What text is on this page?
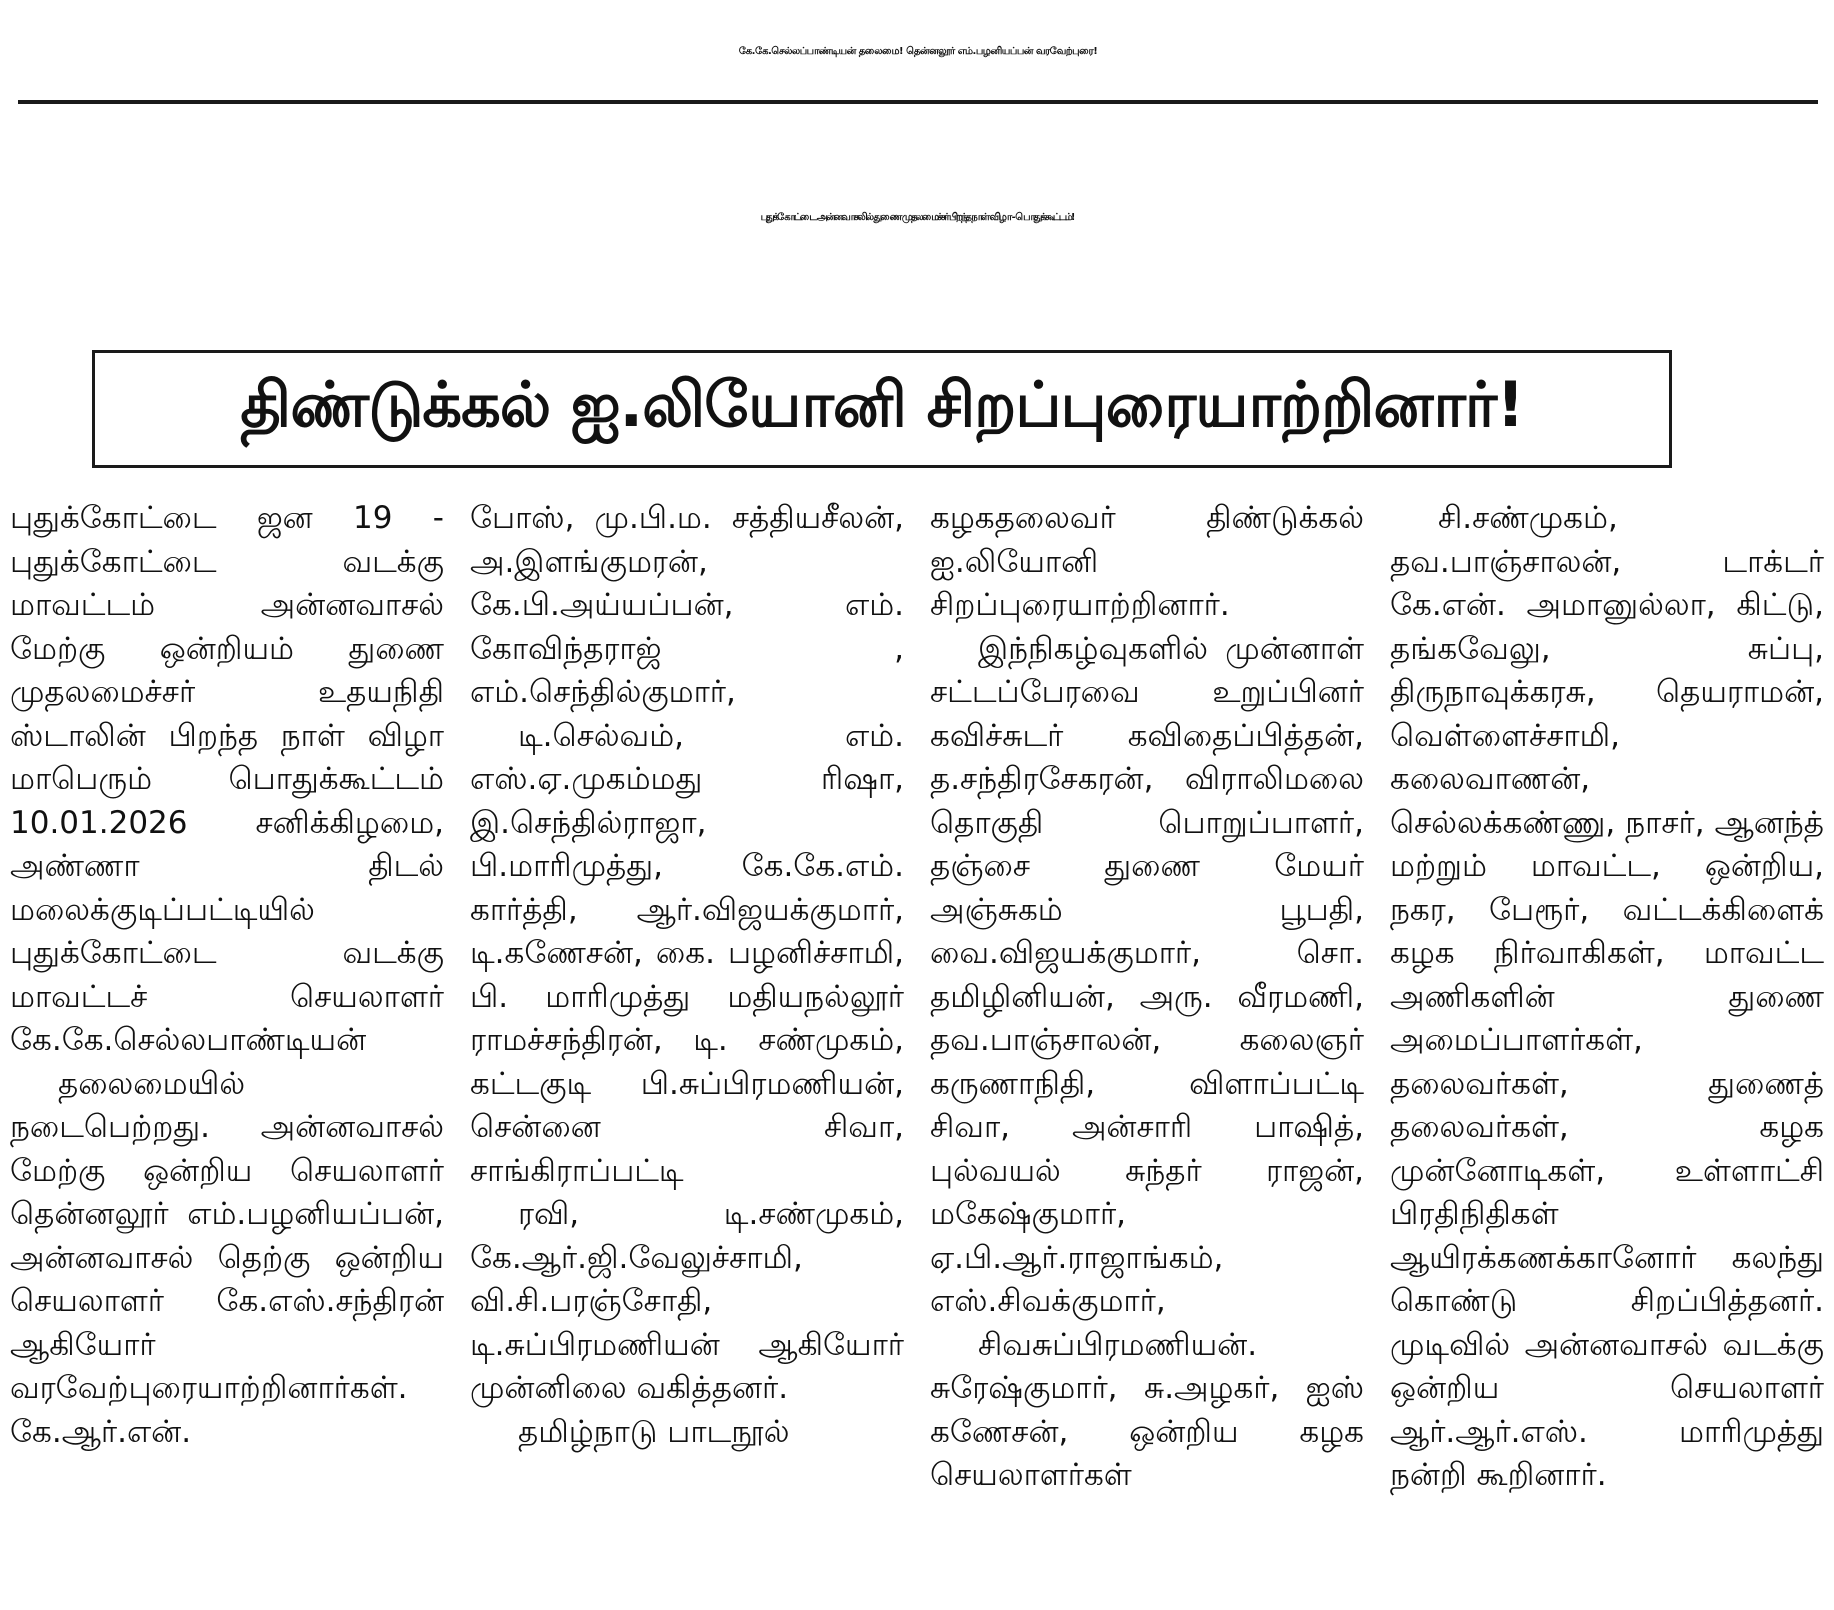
கே.கே.செல்லப்பாண்டியன் தலைமை! தென்னலூர் எம்.பழனியப்பன் வரவேற்புரை!
புதுக்கோட்டை அன்னவாசலில் துணை முதலமைச்சர் பிறந்த நாள் விழா - பொதுக்கூட்டம்!
திண்டுக்கல் ஐ.லியோனி சிறப்புரையாற்றினார்!

புதுக்கோட்டை ஜன 19 - புதுக்கோட்டை வடக்கு மாவட்டம் அன்னவாசல் மேற்கு ஒன்றியம் துணை முதலமைச்சர் உதயநிதி ஸ்டாலின் பிறந்த நாள் விழா மாபெரும் பொதுக்கூட்டம் 10.01.2026 சனிக்கிழமை, அண்ணா திடல் மலைக்குடிப்பட்டியில் புதுக்கோட்டை வடக்கு மாவட்டச் செயலாளர் கே.கே.செல்லபாண்டியன்

தலைமையில் நடைபெற்றது. அன்னவாசல் மேற்கு ஒன்றிய செயலாளர் தென்னலூர் எம்.பழனியப்பன், அன்னவாசல் தெற்கு ஒன்றிய செயலாளர் கே.எஸ்.சந்திரன் ஆகியோர் வரவேற்புரையாற்றினார்கள். கே.ஆர்.என்.

போஸ், மு.பி.ம. சத்தியசீலன், அ.இளங்குமரன், கே.பி.அய்யப்பன், எம். கோவிந்தராஜ் , எம்.செந்தில்குமார்,

டி.செல்வம், எம். எஸ்.ஏ.முகம்மது ரிஷா, இ.செந்தில்ராஜா, பி.மாரிமுத்து, கே.கே.எம். கார்த்தி, ஆர்.விஜயக்குமார், டி.கணேசன், கை. பழனிச்சாமி, பி. மாரிமுத்து மதியநல்லூர் ராமச்சந்திரன், டி. சண்முகம், கட்டகுடி பி.சுப்பிரமணியன், சென்னை சிவா, சாங்கிராப்பட்டி

ரவி, டி.சண்முகம், கே.ஆர்.ஜி.வேலுச்சாமி, வி.சி.பரஞ்சோதி, டி.சுப்பிரமணியன் ஆகியோர் முன்னிலை வகித்தனர்.

தமிழ்நாடு பாடநூல்

கழகதலைவர் திண்டுக்கல் ஐ.லியோனி சிறப்புரையாற்றினார்.

இந்நிகழ்வுகளில் முன்னாள் சட்டப்பேரவை உறுப்பினர் கவிச்சுடர் கவிதைப்பித்தன், த.சந்திரசேகரன், விராலிமலை தொகுதி பொறுப்பாளர், தஞ்சை துணை மேயர் அஞ்சுகம் பூபதி, வை.விஜயக்குமார், சொ. தமிழினியன், அரு. வீரமணி, தவ.பாஞ்சாலன், கலைஞர் கருணாநிதி, விளாப்பட்டி சிவா, அன்சாரி பாஷித், புல்வயல் சுந்தர் ராஜன், மகேஷ்குமார், ஏ.பி.ஆர்.ராஜாங்கம், எஸ்.சிவக்குமார்,

சிவசுப்பிரமணியன். சுரேஷ்குமார், சு.அழகர், ஐஸ் கணேசன், ஒன்றிய கழக செயலாளர்கள்

சி.சண்முகம், தவ.பாஞ்சாலன், டாக்டர் கே.என். அமானுல்லா, கிட்டு, தங்கவேலு, சுப்பு, திருநாவுக்கரசு, தெயராமன், வெள்ளைச்சாமி, கலைவாணன், செல்லக்கண்ணு, நாசர், ஆனந்த் மற்றும் மாவட்ட, ஒன்றிய, நகர, பேரூர், வட்டக்கிளைக் கழக நிர்வாகிகள், மாவட்ட அணிகளின் துணை அமைப்பாளர்கள், தலைவர்கள், துணைத் தலைவர்கள், கழக முன்னோடிகள், உள்ளாட்சி பிரதிநிதிகள் ஆயிரக்கணக்கானோர் கலந்து கொண்டு சிறப்பித்தனர். முடிவில் அன்னவாசல் வடக்கு ஒன்றிய செயலாளர் ஆர்.ஆர்.எஸ். மாரிமுத்து நன்றி கூறினார்.
